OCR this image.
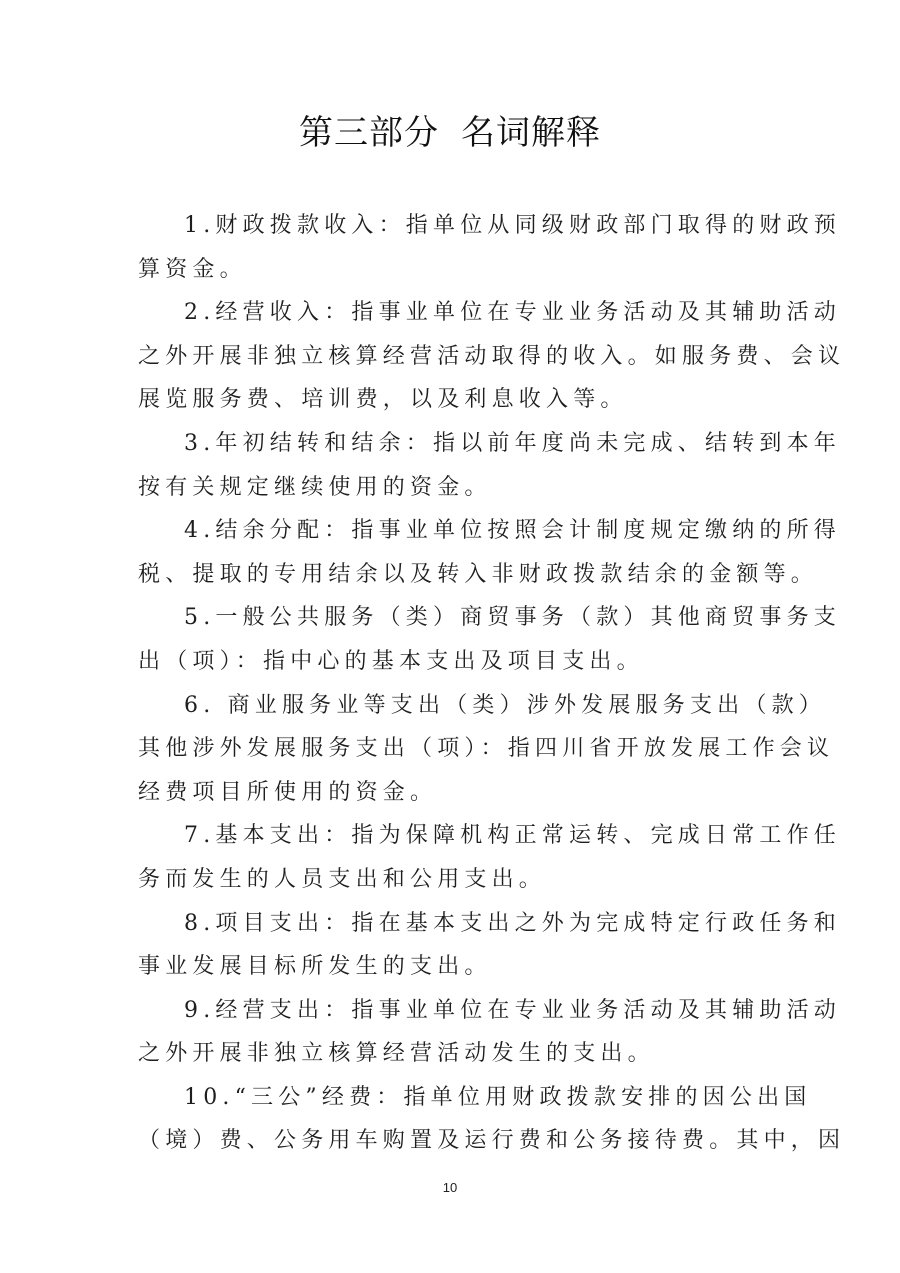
第三部分 名词解释
1.财政拨款收入：指单位从同级财政部门取得的财政预
算资金。
2.经营收入：指事业单位在专业业务活动及其辅助活动
之外开展非独立核算经营活动取得的收入。如服务费、会议
展览服务费、培训费，以及利息收入等。
3.年初结转和结余：指以前年度尚未完成、结转到本年
按有关规定继续使用的资金。
4.结余分配：指事业单位按照会计制度规定缴纳的所得
税、提取的专用结余以及转入非财政拨款结余的金额等。
5.一般公共服务（类）商贸事务（款）其他商贸事务支
出（项）：指中心的基本支出及项目支出。
6. 商业服务业等支出（类）涉外发展服务支出（款）
其他涉外发展服务支出（项）：指四川省开放发展工作会议
经费项目所使用的资金。
7.基本支出：指为保障机构正常运转、完成日常工作任
务而发生的人员支出和公用支出。
8.项目支出：指在基本支出之外为完成特定行政任务和
事业发展目标所发生的支出。
9.经营支出：指事业单位在专业业务活动及其辅助活动
之外开展非独立核算经营活动发生的支出。
10.“三公”经费：指单位用财政拨款安排的因公出国
（境）费、公务用车购置及运行费和公务接待费。其中，因
10
